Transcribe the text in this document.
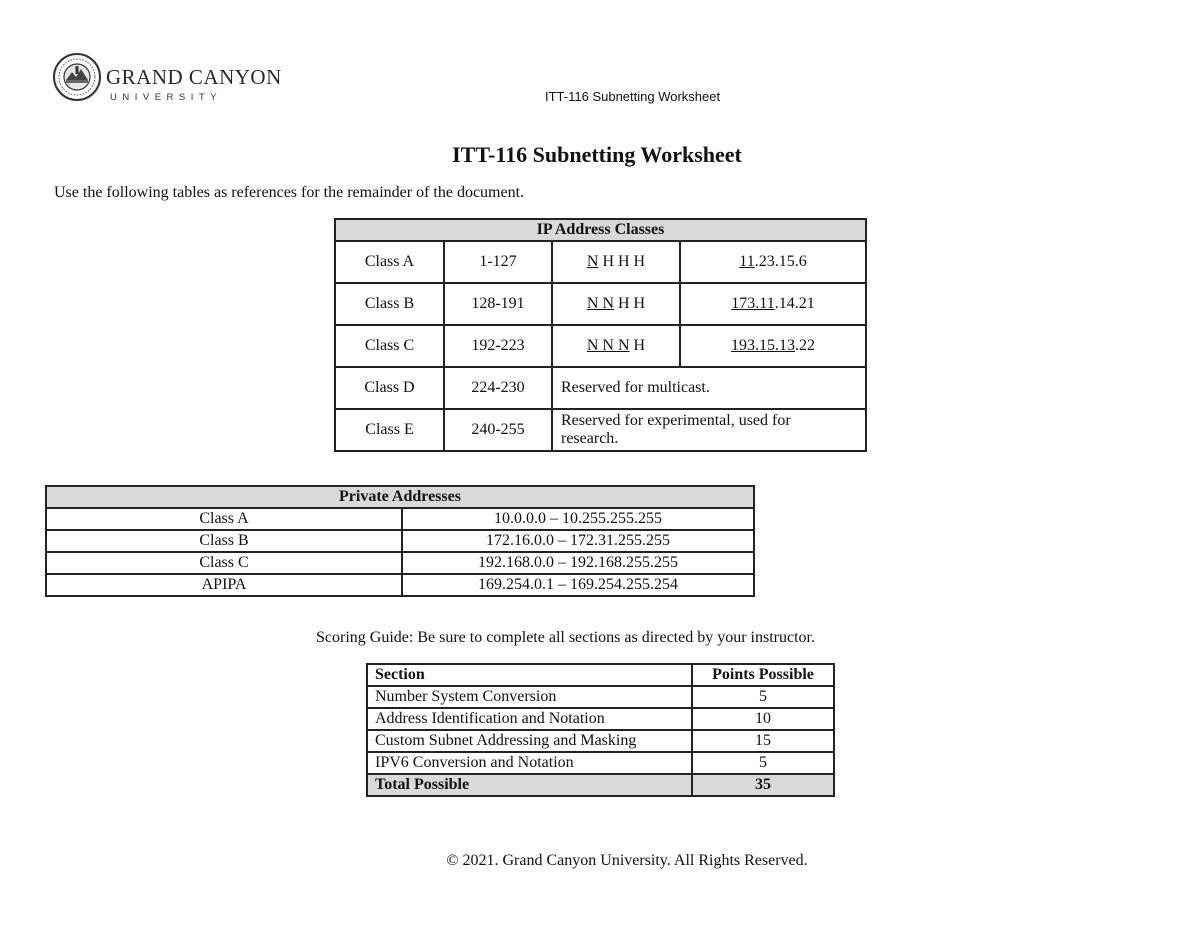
GRAND CANYON
UNIVERSITY	ITT-116 Subnetting Worksheet
ITT-116 Subnetting Worksheet
Use the following tables as references for the remainder of the document.
IP Address Classes			
Class A	1-127	N H H H	11.23.15.6
Class B	128-191	N N H H	173.11.14.21
Class C	192-223	N N N H	193.15.13.22
Class D	224-230	Reserved for multicast.	
Class E	240-255	Reserved for experimental, used for research.	
Private Addresses	
Class A	10.0.0.0 – 10.255.255.255
Class B	172.16.0.0 – 172.31.255.255
Class C	192.168.0.0 – 192.168.255.255
APIPA	169.254.0.1 – 169.254.255.254
Scoring Guide: Be sure to complete all sections as directed by your instructor.
Section	Points Possible
Number System Conversion	5
Address Identification and Notation	10
Custom Subnet Addressing and Masking	15
IPV6 Conversion and Notation	5
Total Possible	35
© 2021. Grand Canyon University. All Rights Reserved.
